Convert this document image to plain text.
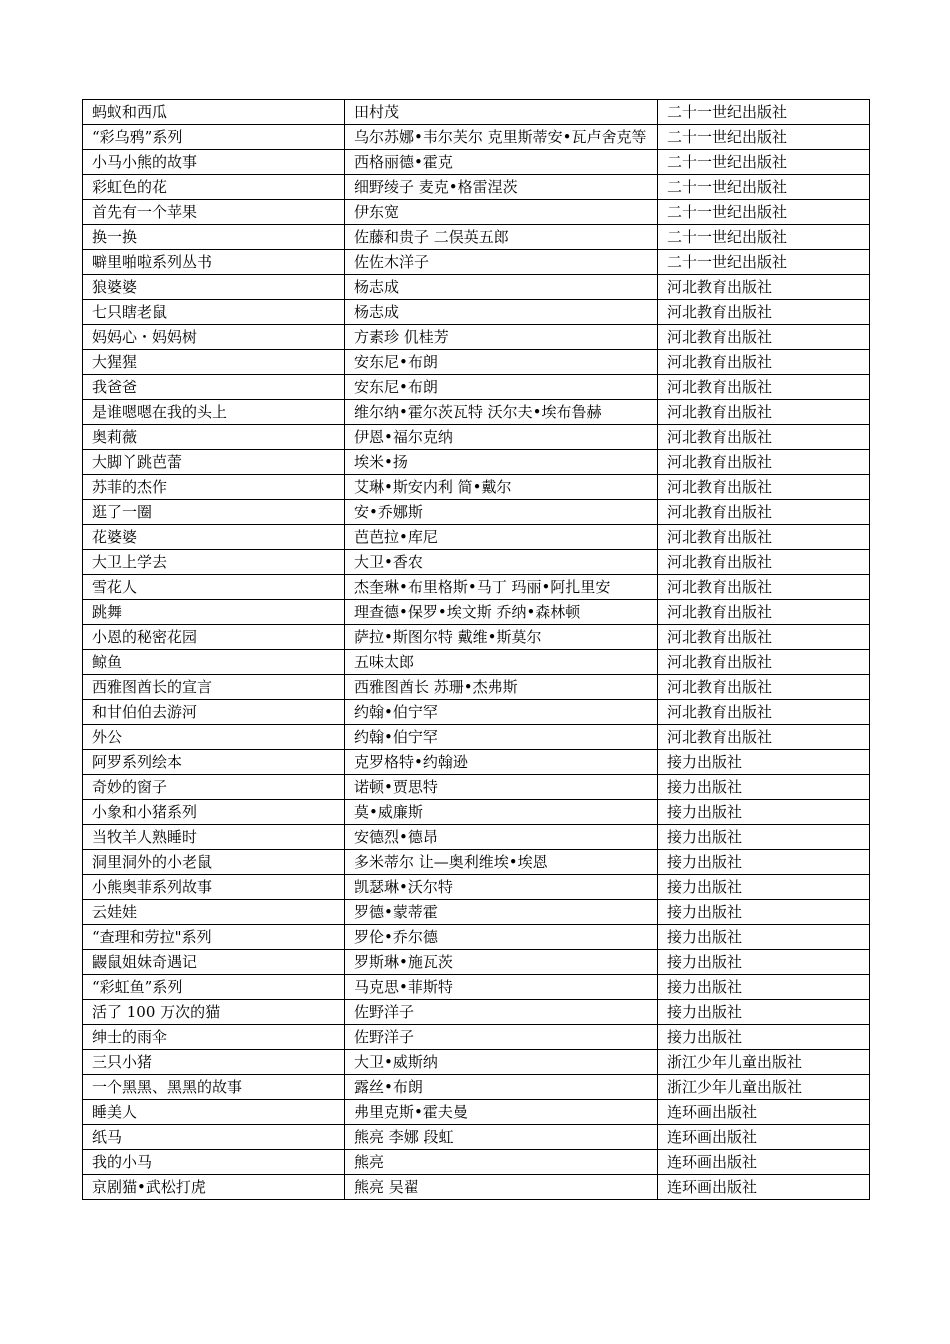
蚂蚁和西瓜	田村茂	二十一世纪出版社
“彩乌鸦”系列	乌尔苏娜•韦尔芙尔 克里斯蒂安•瓦卢舍克等	二十一世纪出版社
小马小熊的故事	西格丽德•霍克	二十一世纪出版社
彩虹色的花	细野绫子 麦克•格雷涅茨	二十一世纪出版社
首先有一个苹果	伊东宽	二十一世纪出版社
换一换	佐藤和贵子 二俣英五郎	二十一世纪出版社
噼里啪啦系列丛书	佐佐木洋子	二十一世纪出版社
狼婆婆	杨志成	河北教育出版社
七只瞎老鼠	杨志成	河北教育出版社
妈妈心・妈妈树	方素珍 仉桂芳	河北教育出版社
大猩猩	安东尼•布朗	河北教育出版社
我爸爸	安东尼•布朗	河北教育出版社
是谁嗯嗯在我的头上	维尔纳•霍尔茨瓦特 沃尔夫•埃布鲁赫	河北教育出版社
奥莉薇	伊恩•福尔克纳	河北教育出版社
大脚丫跳芭蕾	埃米•扬	河北教育出版社
苏菲的杰作	艾琳•斯安内利 简•戴尔	河北教育出版社
逛了一圈	安•乔娜斯	河北教育出版社
花婆婆	芭芭拉•库尼	河北教育出版社
大卫上学去	大卫•香农	河北教育出版社
雪花人	杰奎琳•布里格斯•马丁 玛丽•阿扎里安	河北教育出版社
跳舞	理查德•保罗•埃文斯 乔纳•森林顿	河北教育出版社
小恩的秘密花园	萨拉•斯图尔特 戴维•斯莫尔	河北教育出版社
鲸鱼	五味太郎	河北教育出版社
西雅图酋长的宣言	西雅图酋长 苏珊•杰弗斯	河北教育出版社
和甘伯伯去游河	约翰•伯宁罕	河北教育出版社
外公	约翰•伯宁罕	河北教育出版社
阿罗系列绘本	克罗格特•约翰逊	接力出版社
奇妙的窗子	诺顿•贾思特	接力出版社
小象和小猪系列	莫•威廉斯	接力出版社
当牧羊人熟睡时	安德烈•德昂	接力出版社
洞里洞外的小老鼠	多米蒂尔 让—奥利维埃•埃恩	接力出版社
小熊奥菲系列故事	凯瑟琳•沃尔特	接力出版社
云娃娃	罗德•蒙蒂霍	接力出版社
“查理和劳拉"系列	罗伦•乔尔德	接力出版社
鼹鼠姐妹奇遇记	罗斯琳•施瓦茨	接力出版社
“彩虹鱼”系列	马克思•菲斯特	接力出版社
活了 100 万次的猫	佐野洋子	接力出版社
绅士的雨伞	佐野洋子	接力出版社
三只小猪	大卫•威斯纳	浙江少年儿童出版社
一个黑黑、黑黑的故事	露丝•布朗	浙江少年儿童出版社
睡美人	弗里克斯•霍夫曼	连环画出版社
纸马	熊亮 李娜 段虹	连环画出版社
我的小马	熊亮	连环画出版社
京剧猫•武松打虎	熊亮 吴翟	连环画出版社
